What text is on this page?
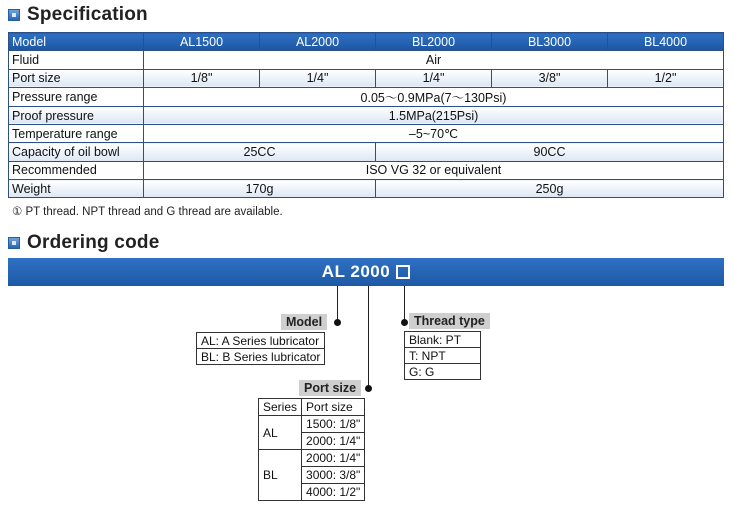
Specification
Model	AL1500	AL2000	BL2000	BL3000	BL4000
Fluid	Air				
Port size	1/8"	1/4"	1/4"	3/8"	1/2"
Pressure range	0.05～0.9MPa(7～130Psi)				
Proof pressure	1.5MPa(215Psi)				
Temperature range	–5~70℃				
Capacity of oil bowl	25CC		90CC		
Recommended	ISO VG 32 or equivalent				
Weight	170g		250g		
① PT thread. NPT thread and G thread are available.
Ordering code
AL 2000
Model
AL: A Series lubricator
BL: B Series lubricator
Thread type
Blank: PT
T: NPT
G: G
Port size
Series	Port size
AL	1500: 1/8"
	2000: 1/4"
BL	2000: 1/4"
	3000: 3/8"
	4000: 1/2"
